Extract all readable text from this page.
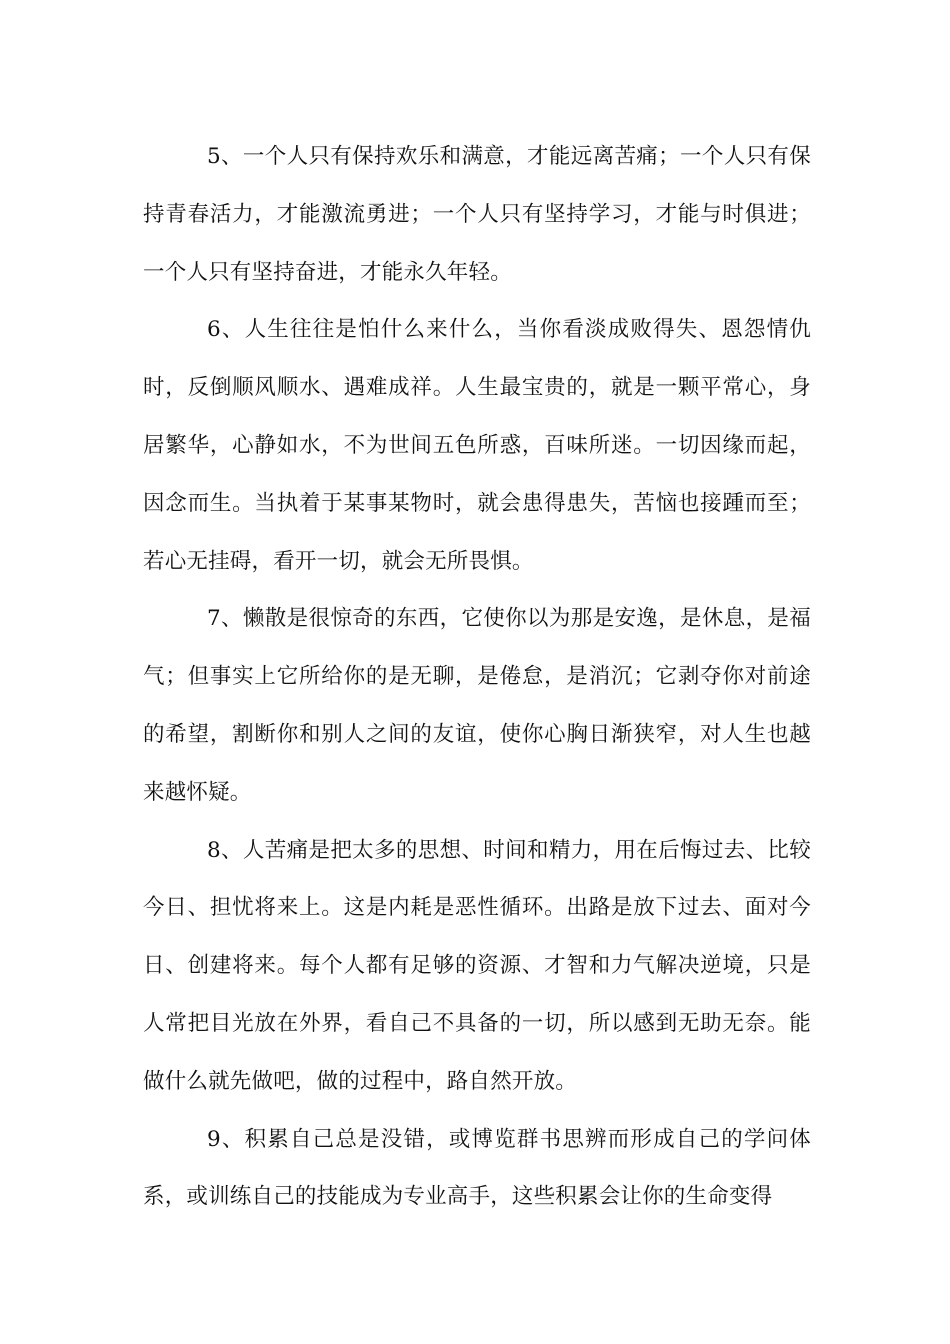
5、一个人只有保持欢乐和满意，才能远离苦痛；一个人只有保持青春活力，才能激流勇进；一个人只有坚持学习，才能与时俱进；一个人只有坚持奋进，才能永久年轻。

6、人生往往是怕什么来什么，当你看淡成败得失、恩怨情仇时，反倒顺风顺水、遇难成祥。人生最宝贵的，就是一颗平常心，身居繁华，心静如水，不为世间五色所惑，百味所迷。一切因缘而起，因念而生。当执着于某事某物时，就会患得患失，苦恼也接踵而至；若心无挂碍，看开一切，就会无所畏惧。

7、懒散是很惊奇的东西，它使你以为那是安逸，是休息，是福气；但事实上它所给你的是无聊，是倦怠，是消沉；它剥夺你对前途的希望，割断你和别人之间的友谊，使你心胸日渐狭窄，对人生也越来越怀疑。

8、人苦痛是把太多的思想、时间和精力，用在后悔过去、比较今日、担忧将来上。这是内耗是恶性循环。出路是放下过去、面对今日、创建将来。每个人都有足够的资源、才智和力气解决逆境，只是人常把目光放在外界，看自己不具备的一切，所以感到无助无奈。能做什么就先做吧，做的过程中，路自然开放。

9、积累自己总是没错，或博览群书思辨而形成自己的学问体系，或训练自己的技能成为专业高手，这些积累会让你的生命变得
